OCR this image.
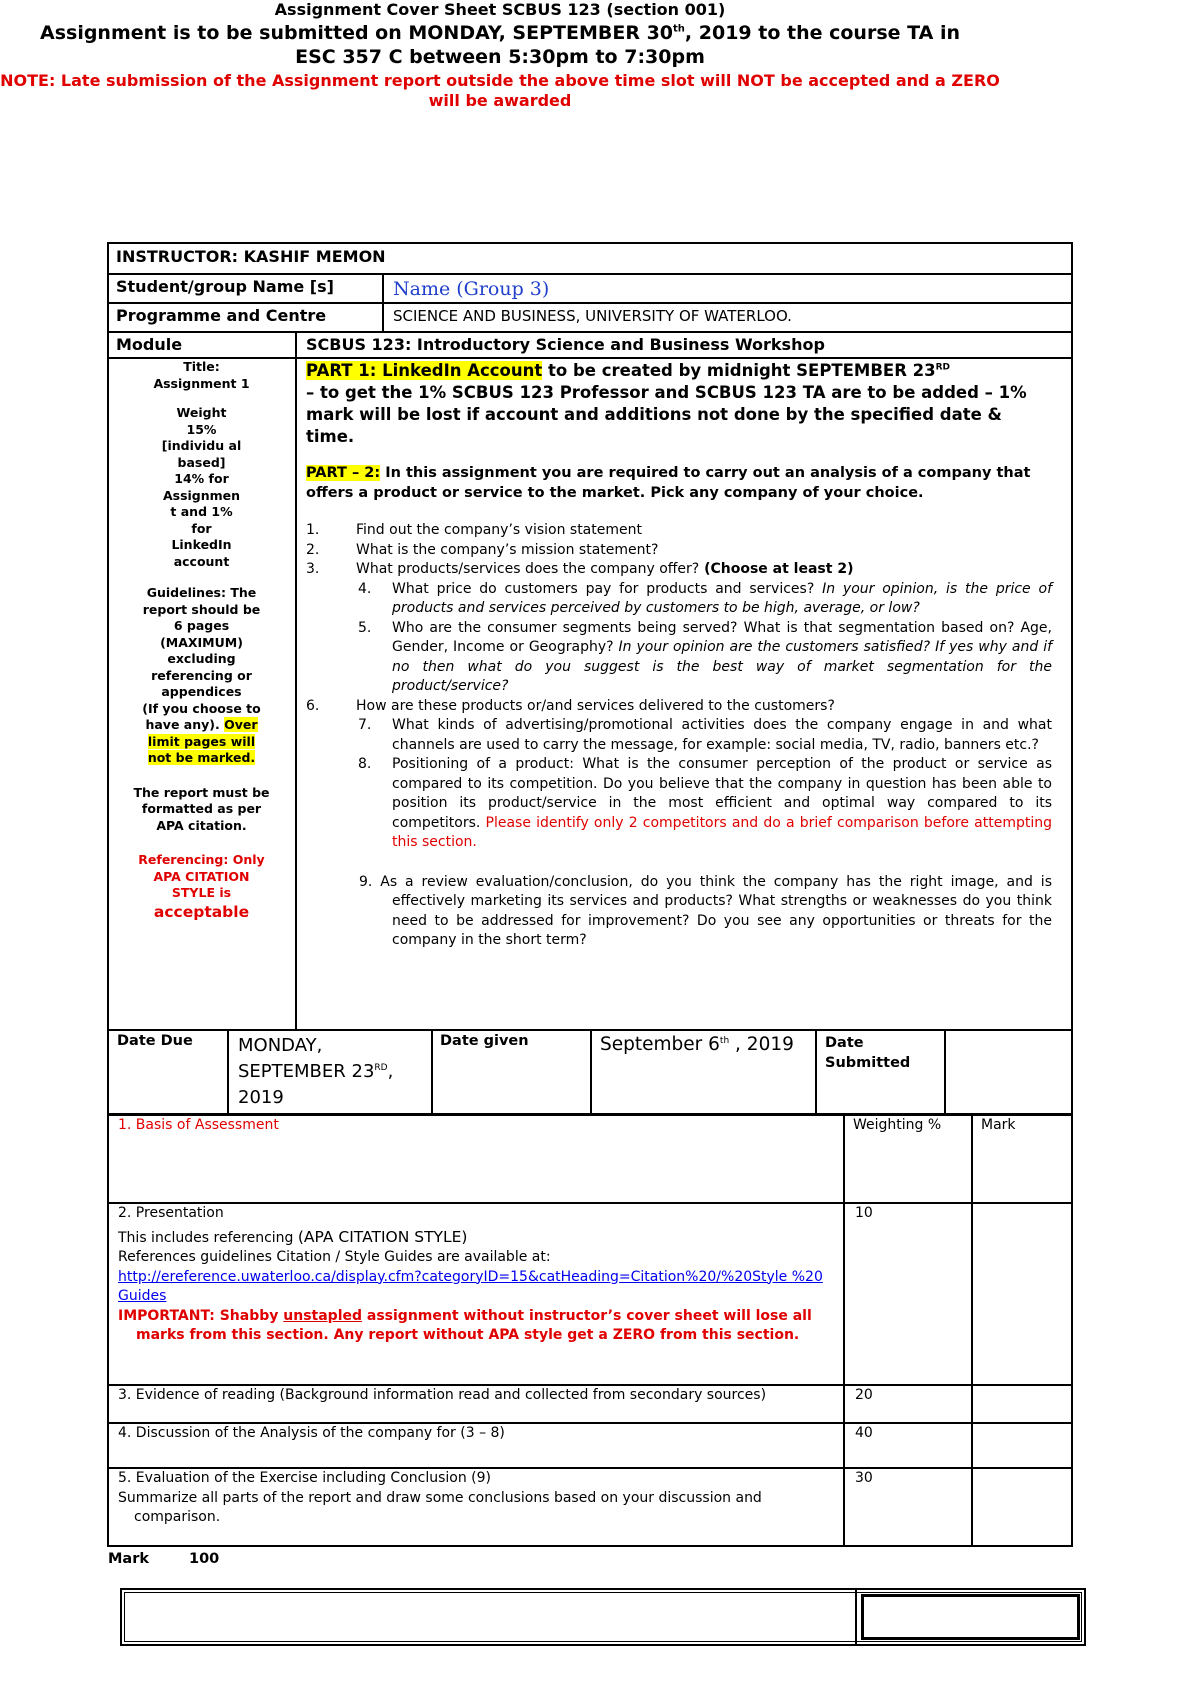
Assignment Cover Sheet SCBUS 123 (section 001)
Assignment is to be submitted on MONDAY, SEPTEMBER 30th, 2019 to the course TA in
ESC 357 C between 5:30pm to 7:30pm
NOTE: Late submission of the Assignment report outside the above time slot will NOT be accepted and a ZERO will be awarded
INSTRUCTOR: KASHIF MEMON
Student/group Name [s]	Name (Group 3)
Programme and Centre	SCIENCE AND BUSINESS, UNIVERSITY OF WATERLOO.
Module	SCBUS 123: Introductory Science and Business Workshop

Title:

Assignment 1

Weight

15%

[individu al

based]

14% for

Assignmen

t and 1%

for

LinkedIn

account

Guidelines: The

report should be

6 pages

(MAXIMUM)

excluding

referencing or

appendices

(If you choose to

have any). Over

limit pages will

not be marked.

The report must be

formatted as per

APA citation.

Referencing: Only

APA CITATION

STYLE is

acceptable

PART 1: LinkedIn Account to be created by midnight SEPTEMBER 23RD
– to get the 1% SCBUS 123 Professor and SCBUS 123 TA are to be added – 1% mark will be lost if account and additions not done by the specified date & time.
PART – 2: In this assignment you are required to carry out an analysis of a company that offers a product or service to the market. Pick any company of your choice.
1.	Find out the company’s vision statement
2.	What is the company’s mission statement?
3.	What products/services does the company offer? (Choose at least 2)
4. What price do customers pay for products and services? In your opinion, is the price of products and services perceived by customers to be high, average, or low?
5. Who are the consumer segments being served? What is that segmentation based on? Age, Gender, Income or Geography? In your opinion are the customers satisfied? If yes why and if no then what do you suggest is the best way of market segmentation for the product/service?
6.	How are these products or/and services delivered to the customers?
7. What kinds of advertising/promotional activities does the company engage in and what channels are used to carry the message, for example: social media, TV, radio, banners etc.?
8. Positioning of a product: What is the consumer perception of the product or service as compared to its competition. Do you believe that the company in question has been able to position its product/service in the most efficient and optimal way compared to its competitors. Please identify only 2 competitors and do a brief comparison before attempting this section.
9. As a review evaluation/conclusion, do you think the company has the right image, and is effectively marketing its services and products? What strengths or weaknesses do you think need to be addressed for improvement? Do you see any opportunities or threats for the company in the short term?
Date Due	MONDAY, SEPTEMBER 23RD, 2019
Date given	September 6th , 2019	Date Submitted
1. Basis of Assessment	Weighting %	Mark
2. Presentation
This includes referencing (APA CITATION STYLE)
References guidelines Citation / Style Guides are available at:
http://ereference.uwaterloo.ca/display.cfm?categoryID=15&catHeading=Citation%20/%20Style %20Guides
IMPORTANT: Shabby unstapled assignment without instructor’s cover sheet will lose all marks from this section. Any report without APA style get a ZERO from this section.
10
3. Evidence of reading (Background information read and collected from secondary sources)	20
4. Discussion of the Analysis of the company for (3 – 8)	40
5. Evaluation of the Exercise including Conclusion (9)
Summarize all parts of the report and draw some conclusions based on your discussion and comparison.
30
Mark	100
